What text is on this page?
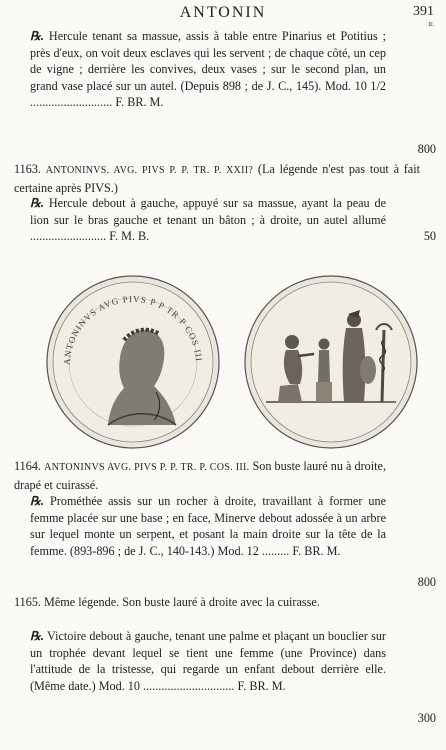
ANTONIN	391
tr.
℞. Hercule tenant sa massue, assis à table entre Pinarius et Potitius ; près d'eux, on voit deux esclaves qui les servent ; de chaque côté, un cep de vigne ; derrière les convives, deux vases ; sur le second plan, un grand vase placé sur un autel. (Depuis 898 ; de J. C., 145). Mod. 10 1/2 ........................... F. BR. M.
800
1163. ANTONINVS. AVG. PIVS P. P. TR. P. XXII? (La légende n'est pas tout à fait certaine après PIVS.)
℞. Hercule debout à gauche, appuyé sur sa massue, ayant la peau de lion sur le bras gauche et tenant un bâton ; à droite, un autel allumé ......................... F. M. B.	50
ANTONINVS AVG PIVS P P TR P COS III
1164. ANTONINVS AVG. PIVS P. P. TR. P. COS. III. Son buste lauré nu à droite, drapé et cuirassé.
℞. Prométhée assis sur un rocher à droite, travaillant à former une femme placée sur une base ; en face, Minerve debout adossée à un arbre sur lequel monte un serpent, et posant la main droite sur la tête de la femme. (893-896 ; de J. C., 140-143.) Mod. 12 ......... F. BR. M.
800
1165. Même légende. Son buste lauré à droite avec la cuirasse.
℞. Victoire debout à gauche, tenant une palme et plaçant un bouclier sur un trophée devant lequel se tient une femme (une Province) dans l'attitude de la tristesse, qui regarde un enfant debout derrière elle. (Même date.) Mod. 10 .............................. F. BR. M.
300
